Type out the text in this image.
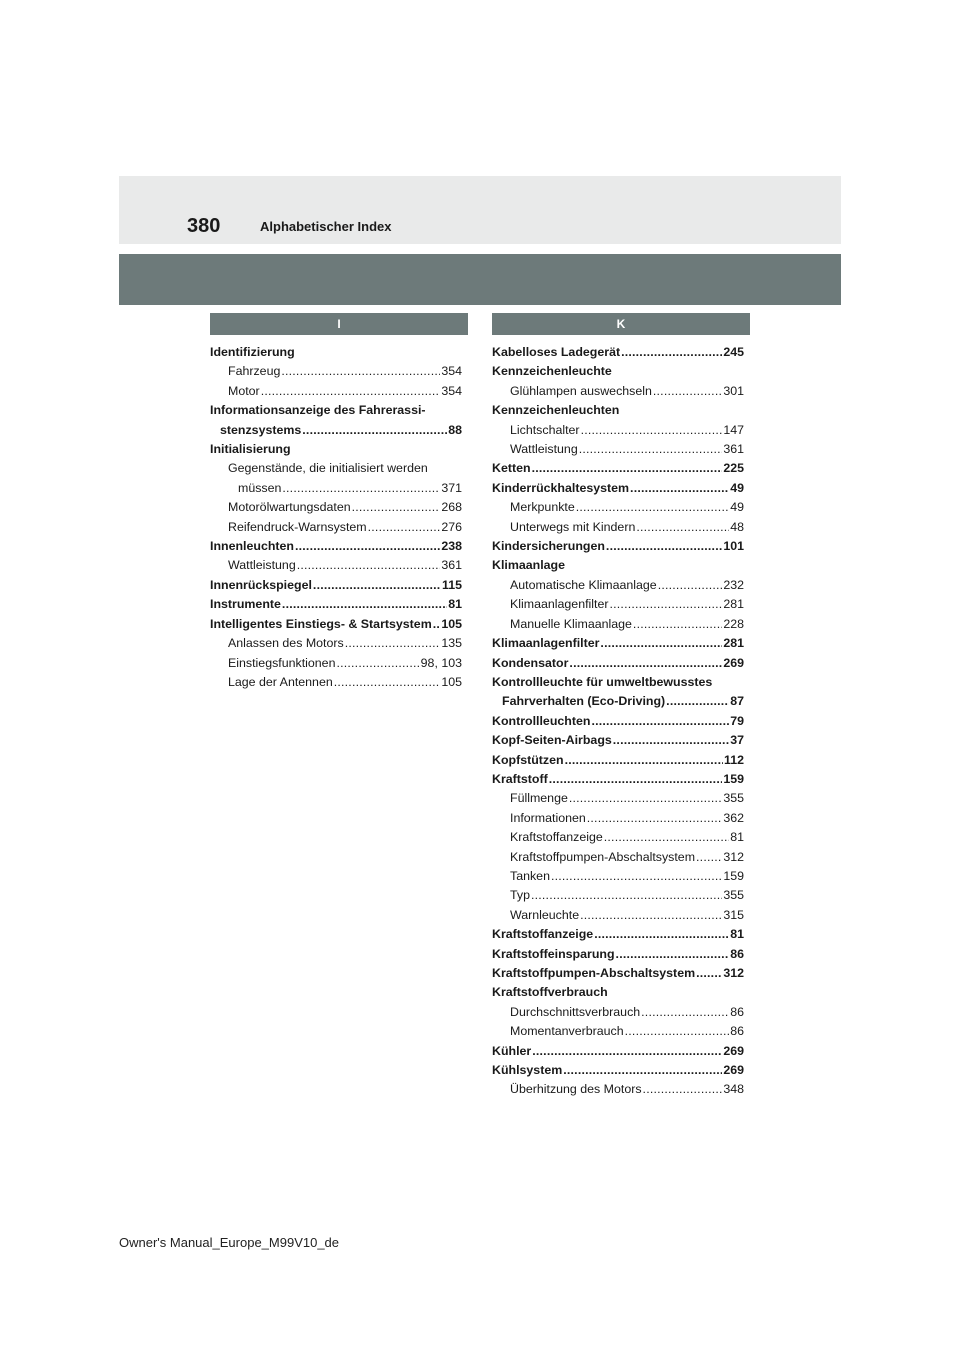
380	Alphabetischer Index
I	K
Identifizierung
Fahrzeug .....	354
Motor .....	354
Informationsanzeige des Fahrerassi-
stenzsystems .....	88
Initialisierung
Gegenstände, die initialisiert werden
müssen .....	371
Motorölwartungsdaten .....	268
Reifendruck-Warnsystem .....	276
Innenleuchten .....	238
Wattleistung .....	361
Innenrückspiegel .....	115
Instrumente .....	81
Intelligentes Einstiegs- & Startsystem ..... 105
Anlassen des Motors .....	135
Einstiegsfunktionen .....	98, 103
Lage der Antennen .....	105
Kabelloses Ladegerät .....	245
Kennzeichenleuchte
Glühlampen auswechseln .....	301
Kennzeichenleuchten
Lichtschalter .....	147
Wattleistung .....	361
Ketten .....	225
Kinderrückhaltesystem .....	49
Merkpunkte .....	49
Unterwegs mit Kindern .....	48
Kindersicherungen .....	101
Klimaanlage
Automatische Klimaanlage .....	232
Klimaanlagenfilter .....	281
Manuelle Klimaanlage .....	228
Klimaanlagenfilter .....	281
Kondensator .....	269
Kontrollleuchte für umweltbewusstes
Fahrverhalten (Eco-Driving) .....	87
Kontrollleuchten .....	79
Kopf-Seiten-Airbags .....	37
Kopfstützen .....	112
Kraftstoff .....	159
Füllmenge .....	355
Informationen .....	362
Kraftstoffanzeige .....	81
Kraftstoffpumpen-Abschaltsystem ..... 312
Tanken .....	159
Typ .....	355
Warnleuchte .....	315
Kraftstoffanzeige .....	81
Kraftstoffeinsparung .....	86
Kraftstoffpumpen-Abschaltsystem ..... 312
Kraftstoffverbrauch
Durchschnittsverbrauch .....	86
Momentanverbrauch .....	86
Kühler .....	269
Kühlsystem .....	269
Überhitzung des Motors .....	348
Owner's Manual_Europe_M99V10_de
